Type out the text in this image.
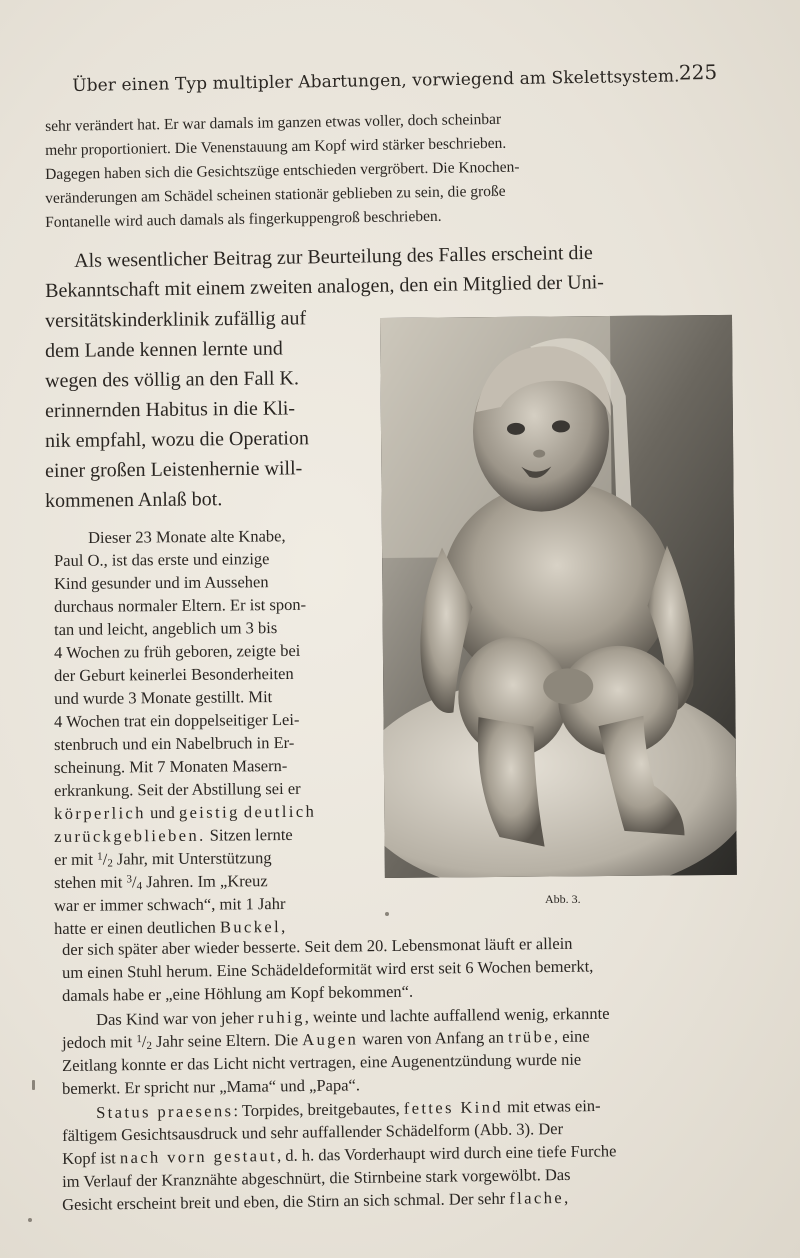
Über einen Typ multipler Abartungen, vorwiegend am Skelettsystem.
225
sehr verändert hat. Er war damals im ganzen etwas voller, doch scheinbar
mehr proportioniert. Die Venenstauung am Kopf wird stärker beschrieben.
Dagegen haben sich die Gesichtszüge entschieden vergröbert. Die Knochen-
veränderungen am Schädel scheinen stationär geblieben zu sein, die große
Fontanelle wird auch damals als fingerkuppengroß beschrieben.
Als wesentlicher Beitrag zur Beurteilung des Falles erscheint die
Bekanntschaft mit einem zweiten analogen, den ein Mitglied der Uni-
versitätskinderklinik zufällig auf
dem Lande kennen lernte und
wegen des völlig an den Fall K.
erinnernden Habitus in die Kli-
nik empfahl, wozu die Operation
einer großen Leistenhernie will-
kommenen Anlaß bot.
Dieser 23 Monate alte Knabe,
Paul O., ist das erste und einzige
Kind gesunder und im Aussehen
durchaus normaler Eltern. Er ist spon-
tan und leicht, angeblich um 3 bis
4 Wochen zu früh geboren, zeigte bei
der Geburt keinerlei Besonderheiten
und wurde 3 Monate gestillt. Mit
4 Wochen trat ein doppelseitiger Lei-
stenbruch und ein Nabelbruch in Er-
scheinung. Mit 7 Monaten Masern-
erkrankung. Seit der Abstillung sei er
körperlich und geistig deutlich
zurückgeblieben. Sitzen lernte
er mit $^1$/2 Jahr, mit Unterstützung
stehen mit $^3$/4 Jahren. Im „Kreuz
war er immer schwach“, mit 1 Jahr
hatte er einen deutlichen Buckel,
Abb. 3.
der sich später aber wieder besserte. Seit dem 20. Lebensmonat läuft er allein
um einen Stuhl herum. Eine Schädeldeformität wird erst seit 6 Wochen bemerkt,
damals habe er „eine Höhlung am Kopf bekommen“.
Das Kind war von jeher ruhig, weinte und lachte auffallend wenig, erkannte
jedoch mit $^1$/2 Jahr seine Eltern. Die Augen waren von Anfang an trübe, eine
Zeitlang konnte er das Licht nicht vertragen, eine Augenentzündung wurde nie
bemerkt. Er spricht nur „Mama“ und „Papa“.
Status praesens: Torpides, breitgebautes, fettes Kind mit etwas ein-
fältigem Gesichtsausdruck und sehr auffallender Schädelform (Abb. 3). Der
Kopf ist nach vorn gestaut, d. h. das Vorderhaupt wird durch eine tiefe Furche
im Verlauf der Kranznähte abgeschnürt, die Stirnbeine stark vorgewölbt. Das
Gesicht erscheint breit und eben, die Stirn an sich schmal. Der sehr flache,
